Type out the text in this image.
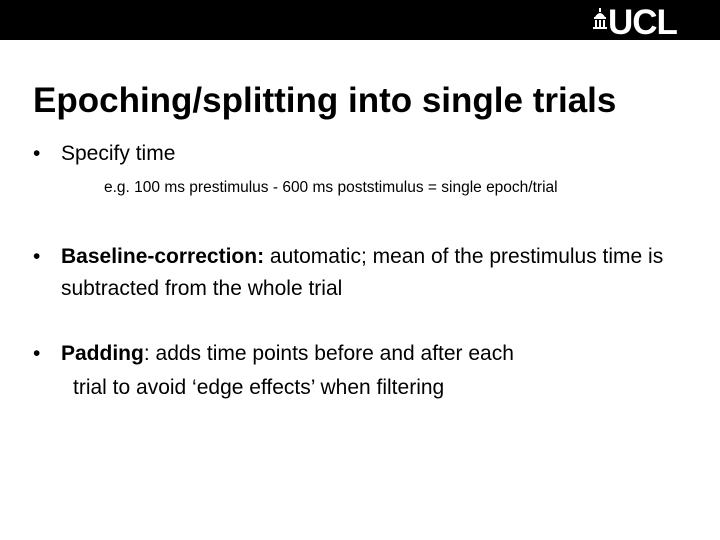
UCL
Epoching/splitting into single trials
• Specify time
e.g. 100 ms prestimulus - 600 ms poststimulus = single epoch/trial
• Baseline-correction: automatic; mean of the prestimulus time is subtracted from the whole trial
• Padding: adds time points before and after each
trial to avoid ‘edge effects’ when filtering
